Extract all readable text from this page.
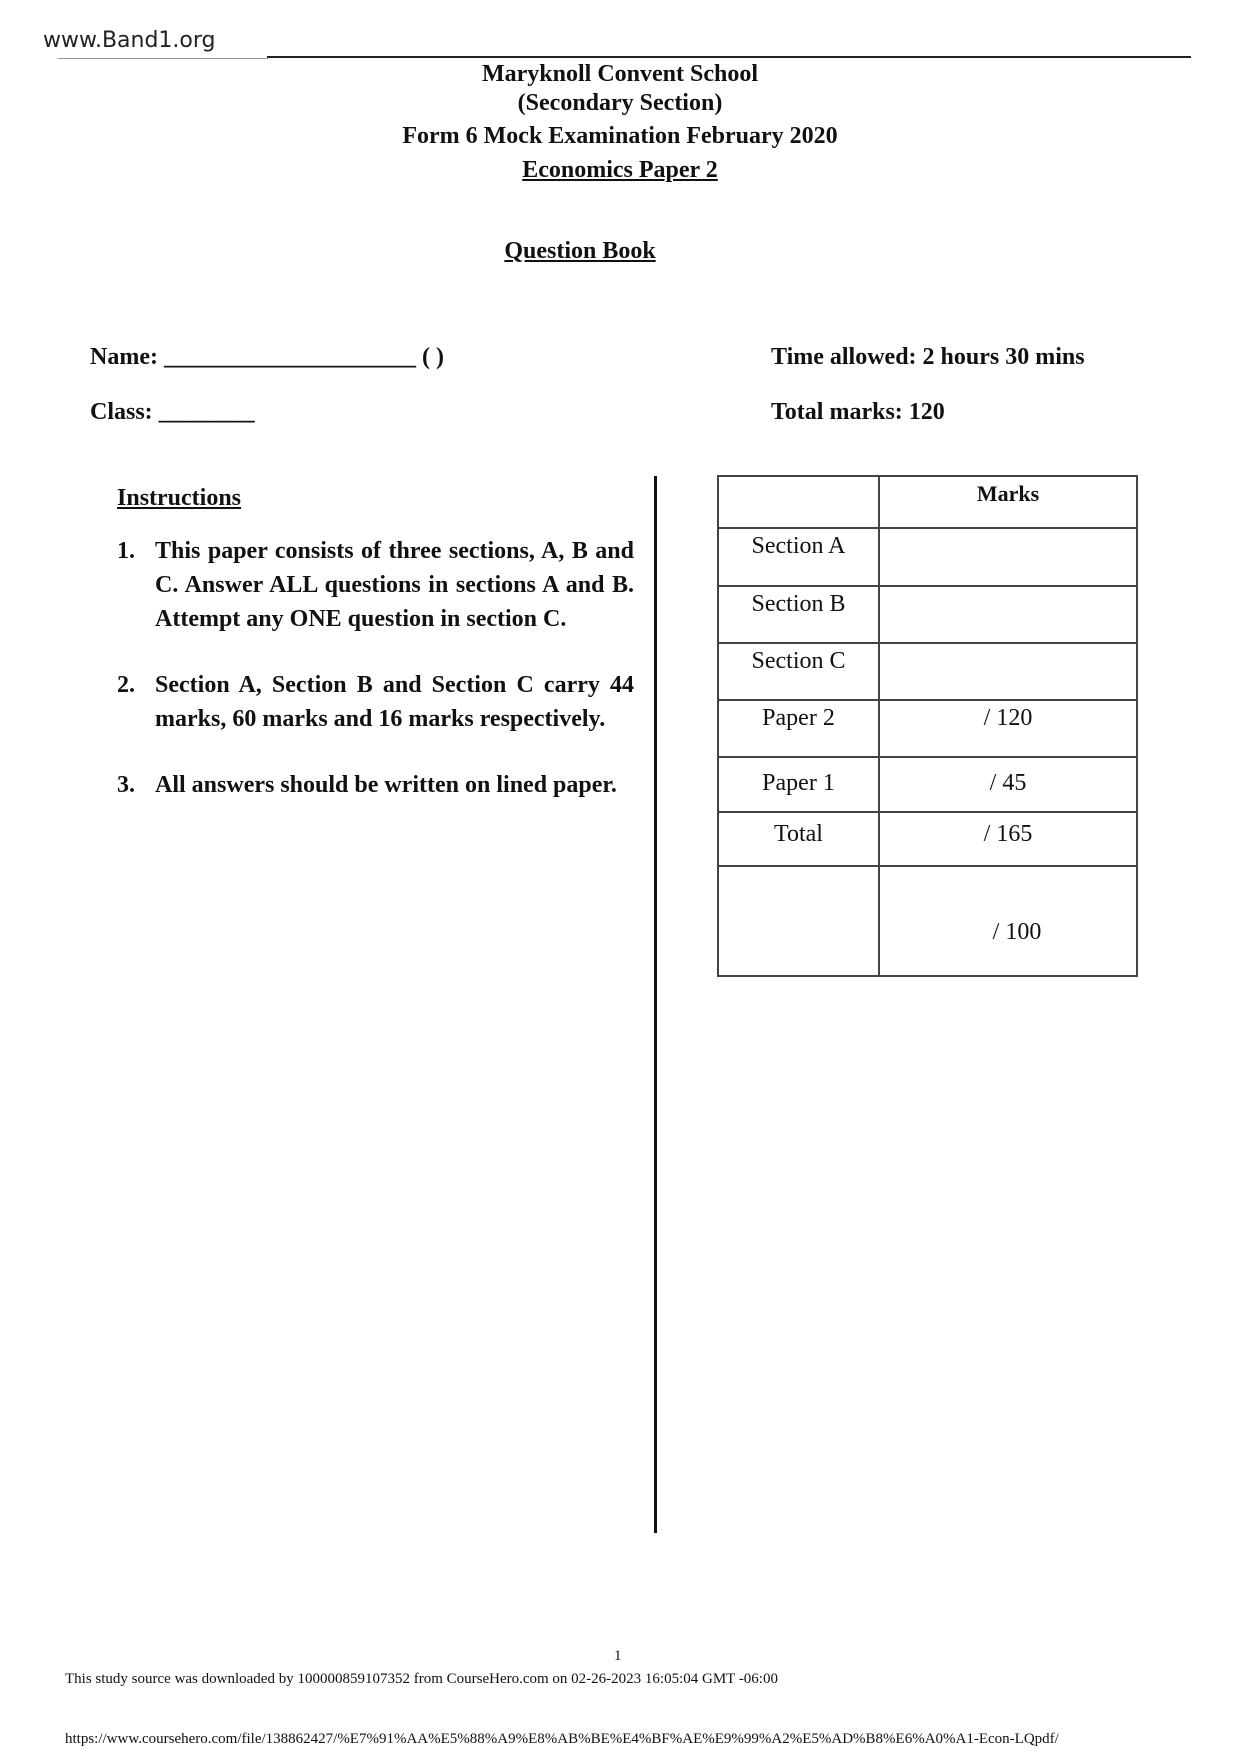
www.Band1.org
Maryknoll Convent School
(Secondary Section)
Form 6 Mock Examination February 2020
Economics Paper 2
Question Book
Name: _____________________ ( )
Class: ________
Time allowed: 2 hours 30 mins
Total marks: 120
Instructions
1. This paper consists of three sections, A, B and C. Answer ALL questions in sections A and B. Attempt any ONE question in section C.
2. Section A, Section B and Section C carry 44 marks, 60 marks and 16 marks respectively.
3. All answers should be written on lined paper.
	Marks
Section A	
Section B	
Section C	
Paper 2	/ 120
Paper 1	/ 45
Total	/ 165
	/ 100
1
This study source was downloaded by 100000859107352 from CourseHero.com on 02-26-2023 16:05:04 GMT -06:00
https://www.coursehero.com/file/138862427/%E7%91%AA%E5%88%A9%E8%AB%BE%E4%BF%AE%E9%99%A2%E5%AD%B8%E6%A0%A1-Econ-LQpdf/
